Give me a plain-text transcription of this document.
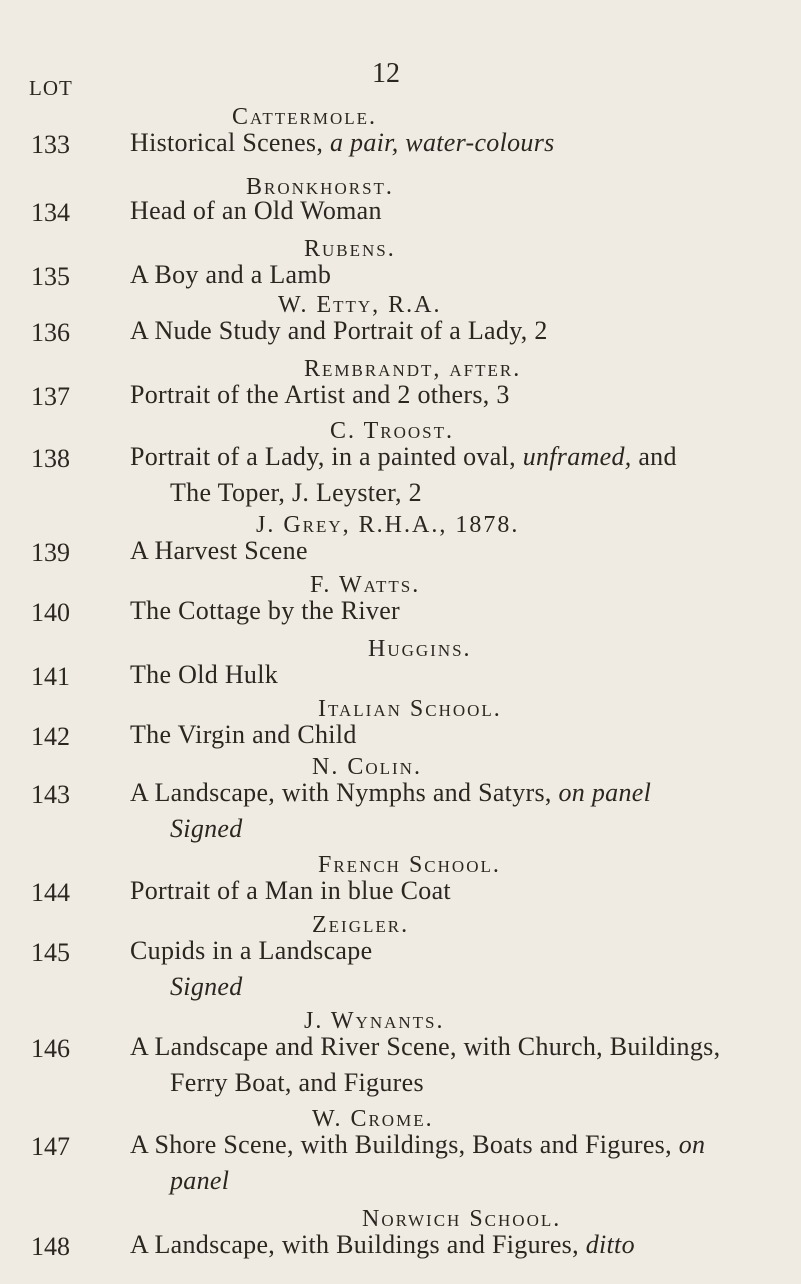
12
LOT
Cattermole.
133 Historical Scenes, a pair, water-colours
Bronkhorst.
134 Head of an Old Woman
Rubens.
135 A Boy and a Lamb
W. Etty, R.A.
136 A Nude Study and Portrait of a Lady, 2
Rembrandt, after.
137 Portrait of the Artist and 2 others, 3
C. Troost.
138 Portrait of a Lady, in a painted oval, unframed, and
The Toper, J. Leyster, 2
J. Grey, R.H.A., 1878.
139 A Harvest Scene
F. Watts.
140 The Cottage by the River
Huggins.
141 The Old Hulk
Italian School.
142 The Virgin and Child
N. Colin.
143 A Landscape, with Nymphs and Satyrs, on panel
Signed
French School.
144 Portrait of a Man in blue Coat
Zeigler.
145 Cupids in a Landscape
Signed
J. Wynants.
146 A Landscape and River Scene, with Church, Buildings,
Ferry Boat, and Figures
W. Crome.
147 A Shore Scene, with Buildings, Boats and Figures, on
panel
Norwich School.
148 A Landscape, with Buildings and Figures, ditto
